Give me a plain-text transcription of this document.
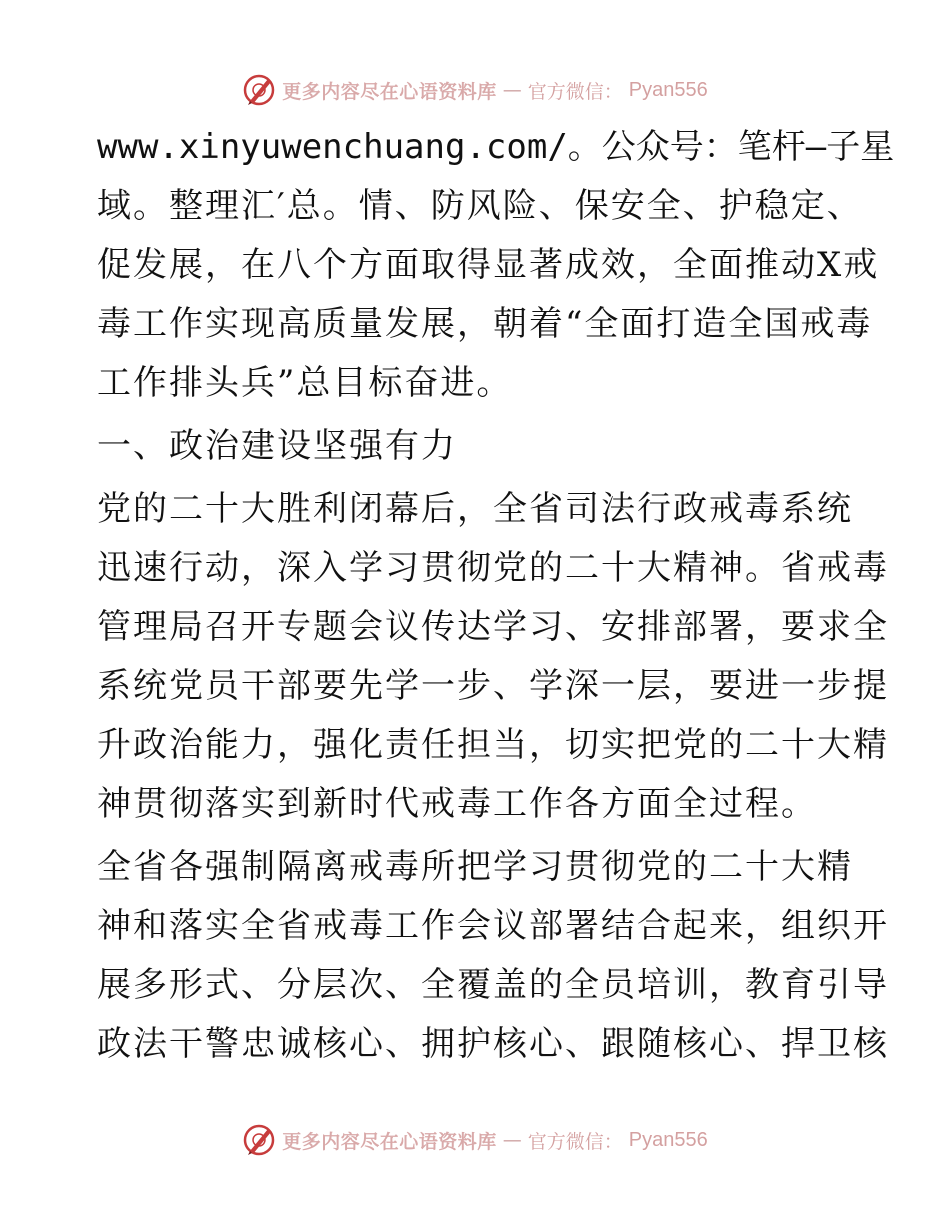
更多内容尽在心语资料库 — 官方微信： Pyan556
www.xinyuwenchuang.com/。公众号：笔杆—子星
域。整理汇′总。情、防风险、保安全、护稳定、
促发展，在八个方面取得显著成效，全面推动X戒
毒工作实现高质量发展，朝着“全面打造全国戒毒
工作排头兵”总目标奋进。
一、政治建设坚强有力
党的二十大胜利闭幕后，全省司法行政戒毒系统
迅速行动，深入学习贯彻党的二十大精神。省戒毒
管理局召开专题会议传达学习、安排部署，要求全
系统党员干部要先学一步、学深一层，要进一步提
升政治能力，强化责任担当，切实把党的二十大精
神贯彻落实到新时代戒毒工作各方面全过程。
全省各强制隔离戒毒所把学习贯彻党的二十大精
神和落实全省戒毒工作会议部署结合起来，组织开
展多形式、分层次、全覆盖的全员培训，教育引导
政法干警忠诚核心、拥护核心、跟随核心、捍卫核
更多内容尽在心语资料库 — 官方微信： Pyan556
